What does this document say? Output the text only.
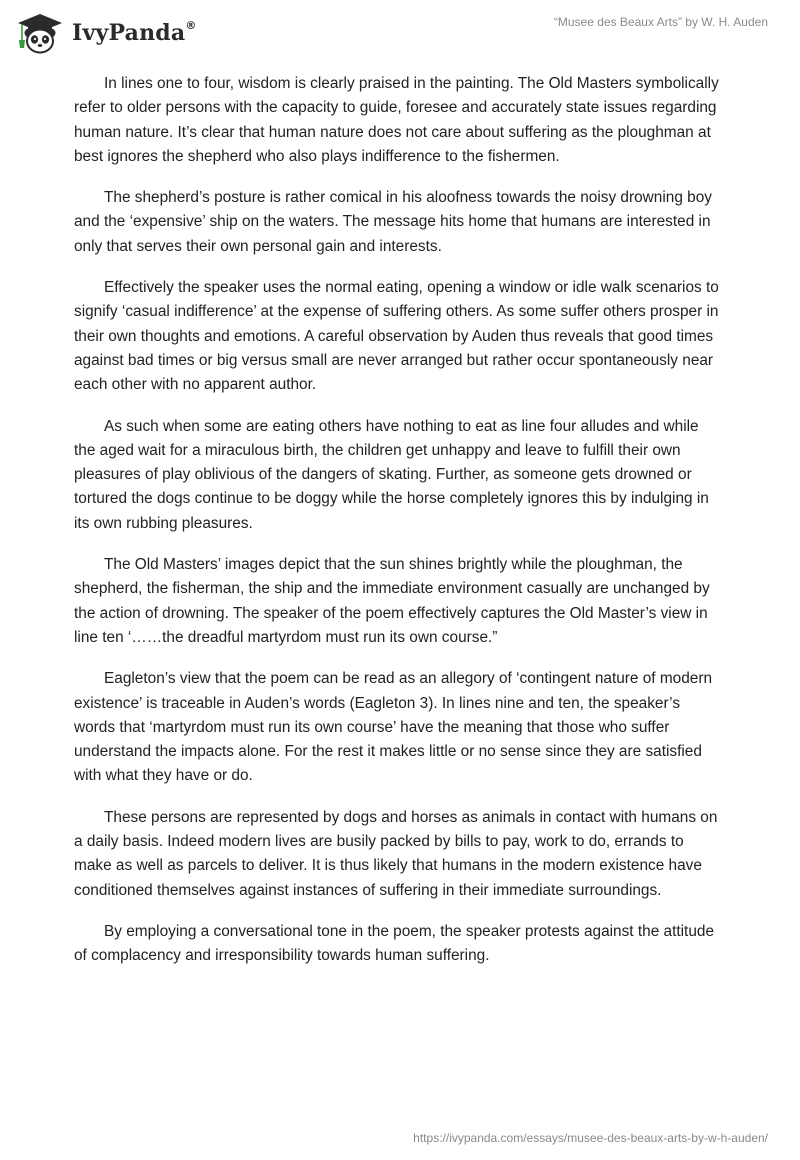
IvyPanda®	“Musee des Beaux Arts” by W. H. Auden

In lines one to four, wisdom is clearly praised in the painting. The Old Masters symbolically refer to older persons with the capacity to guide, foresee and accurately state issues regarding human nature. It’s clear that human nature does not care about suffering as the ploughman at best ignores the shepherd who also plays indifference to the fishermen.

The shepherd’s posture is rather comical in his aloofness towards the noisy drowning boy and the ‘expensive’ ship on the waters. The message hits home that humans are interested in only that serves their own personal gain and interests.

Effectively the speaker uses the normal eating, opening a window or idle walk scenarios to signify ‘casual indifference’ at the expense of suffering others. As some suffer others prosper in their own thoughts and emotions. A careful observation by Auden thus reveals that good times against bad times or big versus small are never arranged but rather occur spontaneously near each other with no apparent author.

As such when some are eating others have nothing to eat as line four alludes and while the aged wait for a miraculous birth, the children get unhappy and leave to fulfill their own pleasures of play oblivious of the dangers of skating. Further, as someone gets drowned or tortured the dogs continue to be doggy while the horse completely ignores this by indulging in its own rubbing pleasures.

The Old Masters’ images depict that the sun shines brightly while the ploughman, the shepherd, the fisherman, the ship and the immediate environment casually are unchanged by the action of drowning. The speaker of the poem effectively captures the Old Master’s view in line ten ‘……the dreadful martyrdom must run its own course.”

Eagleton’s view that the poem can be read as an allegory of ‘contingent nature of modern existence’ is traceable in Auden’s words (Eagleton 3). In lines nine and ten, the speaker’s words that ‘martyrdom must run its own course’ have the meaning that those who suffer understand the impacts alone. For the rest it makes little or no sense since they are satisfied with what they have or do.

These persons are represented by dogs and horses as animals in contact with humans on a daily basis. Indeed modern lives are busily packed by bills to pay, work to do, errands to make as well as parcels to deliver. It is thus likely that humans in the modern existence have conditioned themselves against instances of suffering in their immediate surroundings.

By employing a conversational tone in the poem, the speaker protests against the attitude of complacency and irresponsibility towards human suffering.

https://ivypanda.com/essays/musee-des-beaux-arts-by-w-h-auden/
